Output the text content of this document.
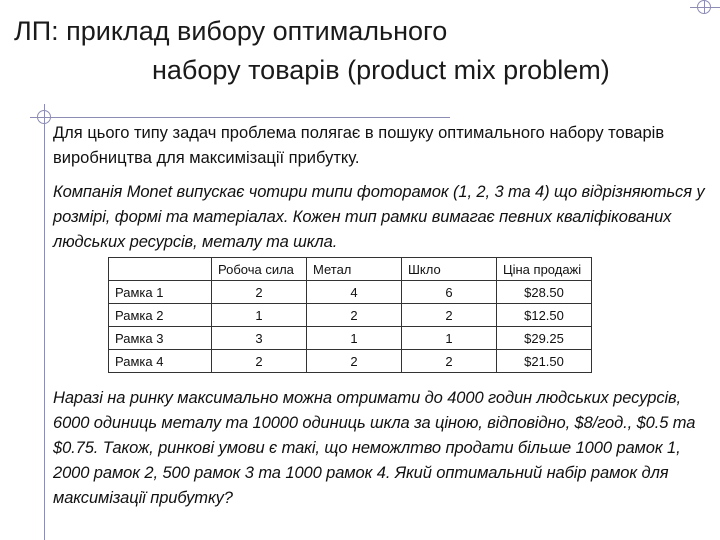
ЛП: приклад вибору оптимального
набору товарів (product mix problem)
Для цього типу задач проблема полягає в пошуку оптимального набору товарів виробництва для максимізації прибутку.
Компанія Monet випускає чотири типи фоторамок (1, 2, 3 та 4) що відрізняються у розмірі, формі та матеріалах. Кожен тип рамки вимагає певних кваліфікованих людських ресурсів, металу та шкла.
	Робоча сила	Метал	Шкло	Ціна продажі
Рамка 1	2	4	6	$28.50
Рамка 2	1	2	2	$12.50
Рамка 3	3	1	1	$29.25
Рамка 4	2	2	2	$21.50
Наразі на ринку максимально можна отримати до 4000 годин людських ресурсів, 6000 одиниць металу та 10000 одиниць шкла за ціною, відповідно, $8/год., $0.5 та $0.75. Також, ринкові умови є такі, що неможлтво продати більше 1000 рамок 1, 2000 рамок 2, 500 рамок 3 та 1000 рамок 4. Який оптимальний набір рамок для максимізації прибутку?
